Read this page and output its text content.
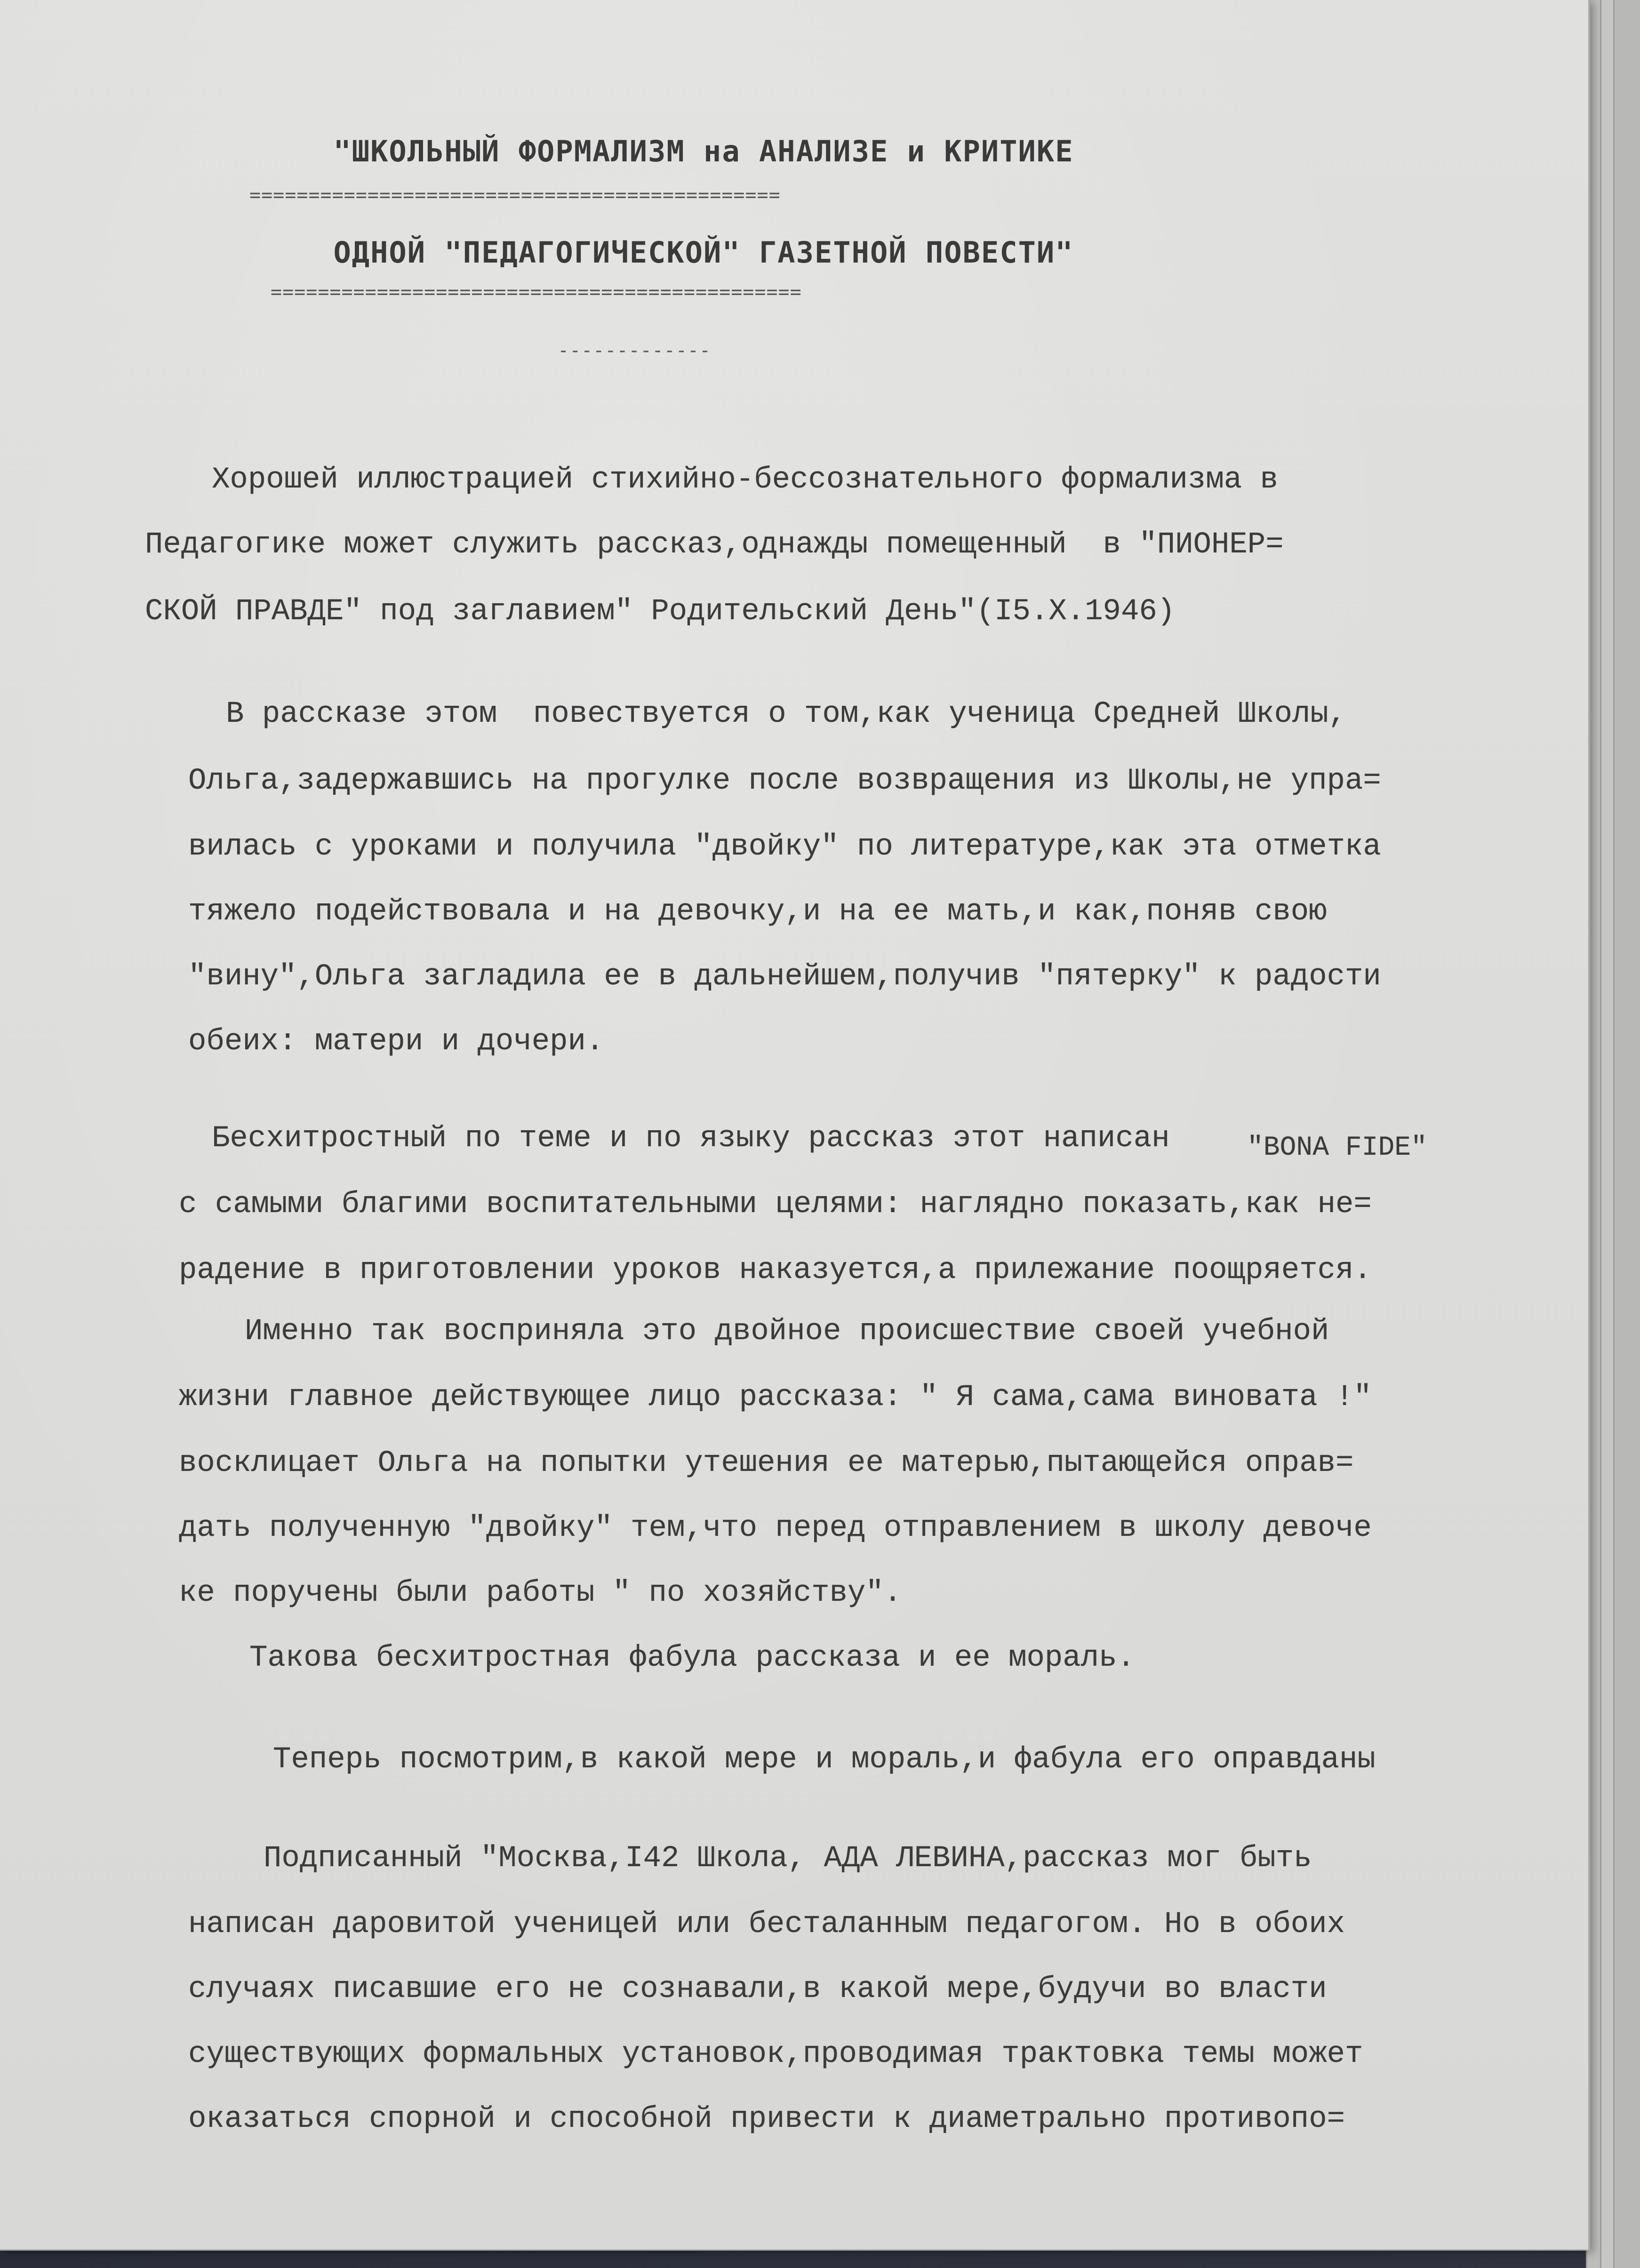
"ШКОЛЬНЫЙ ФОРМАЛИЗМ на АНАЛИЗЕ и КРИТИКЕ
=============================================
ОДНОЙ "ПЕДАГОГИЧЕСКОЙ" ГАЗЕТНОЙ ПОВЕСТИ"
=============================================
-------------
Хорошей иллюстрацией стихийно-бессознательного формализма в
Педагогике может служить рассказ,однажды помещенный  в "ПИОНЕР=
СКОЙ ПРАВДЕ" под заглавием" Родительский День"(I5.X.1946)
В рассказе этом  повествуется о том,как ученица Средней Школы,
Ольга,задержавшись на прогулке после возвращения из Школы,не упра=
вилась с уроками и получила "двойку" по литературе,как эта отметка
тяжело подействовала и на девочку,и на ее мать,и как,поняв свою
"вину",Ольга загладила ее в дальнейшем,получив "пятерку" к радости
обеих: матери и дочери.
Бесхитростный по теме и по языку рассказ этот написан	"BONA FIDE"
с самыми благими воспитательными целями: наглядно показать,как не=
радение в приготовлении уроков наказуется,а прилежание поощряется.
Именно так восприняла это двойное происшествие своей учебной
жизни главное действующее лицо рассказа: " Я сама,сама виновата !"
восклицает Ольга на попытки утешения ее матерью,пытающейся оправ=
дать полученную "двойку" тем,что перед отправлением в школу девоче
ке поручены были работы " по хозяйству".
Такова бесхитростная фабула рассказа и ее мораль.
Теперь посмотрим,в какой мере и мораль,и фабула его оправданы
Подписанный "Москва,I42 Школа, АДА ЛЕВИНА,рассказ мог быть
написан даровитой ученицей или бесталанным педагогом. Но в обоих
случаях писавшие его не сознавали,в какой мере,будучи во власти
существующих формальных установок,проводимая трактовка темы может
оказаться спорной и способной привести к диаметрально противопо=
